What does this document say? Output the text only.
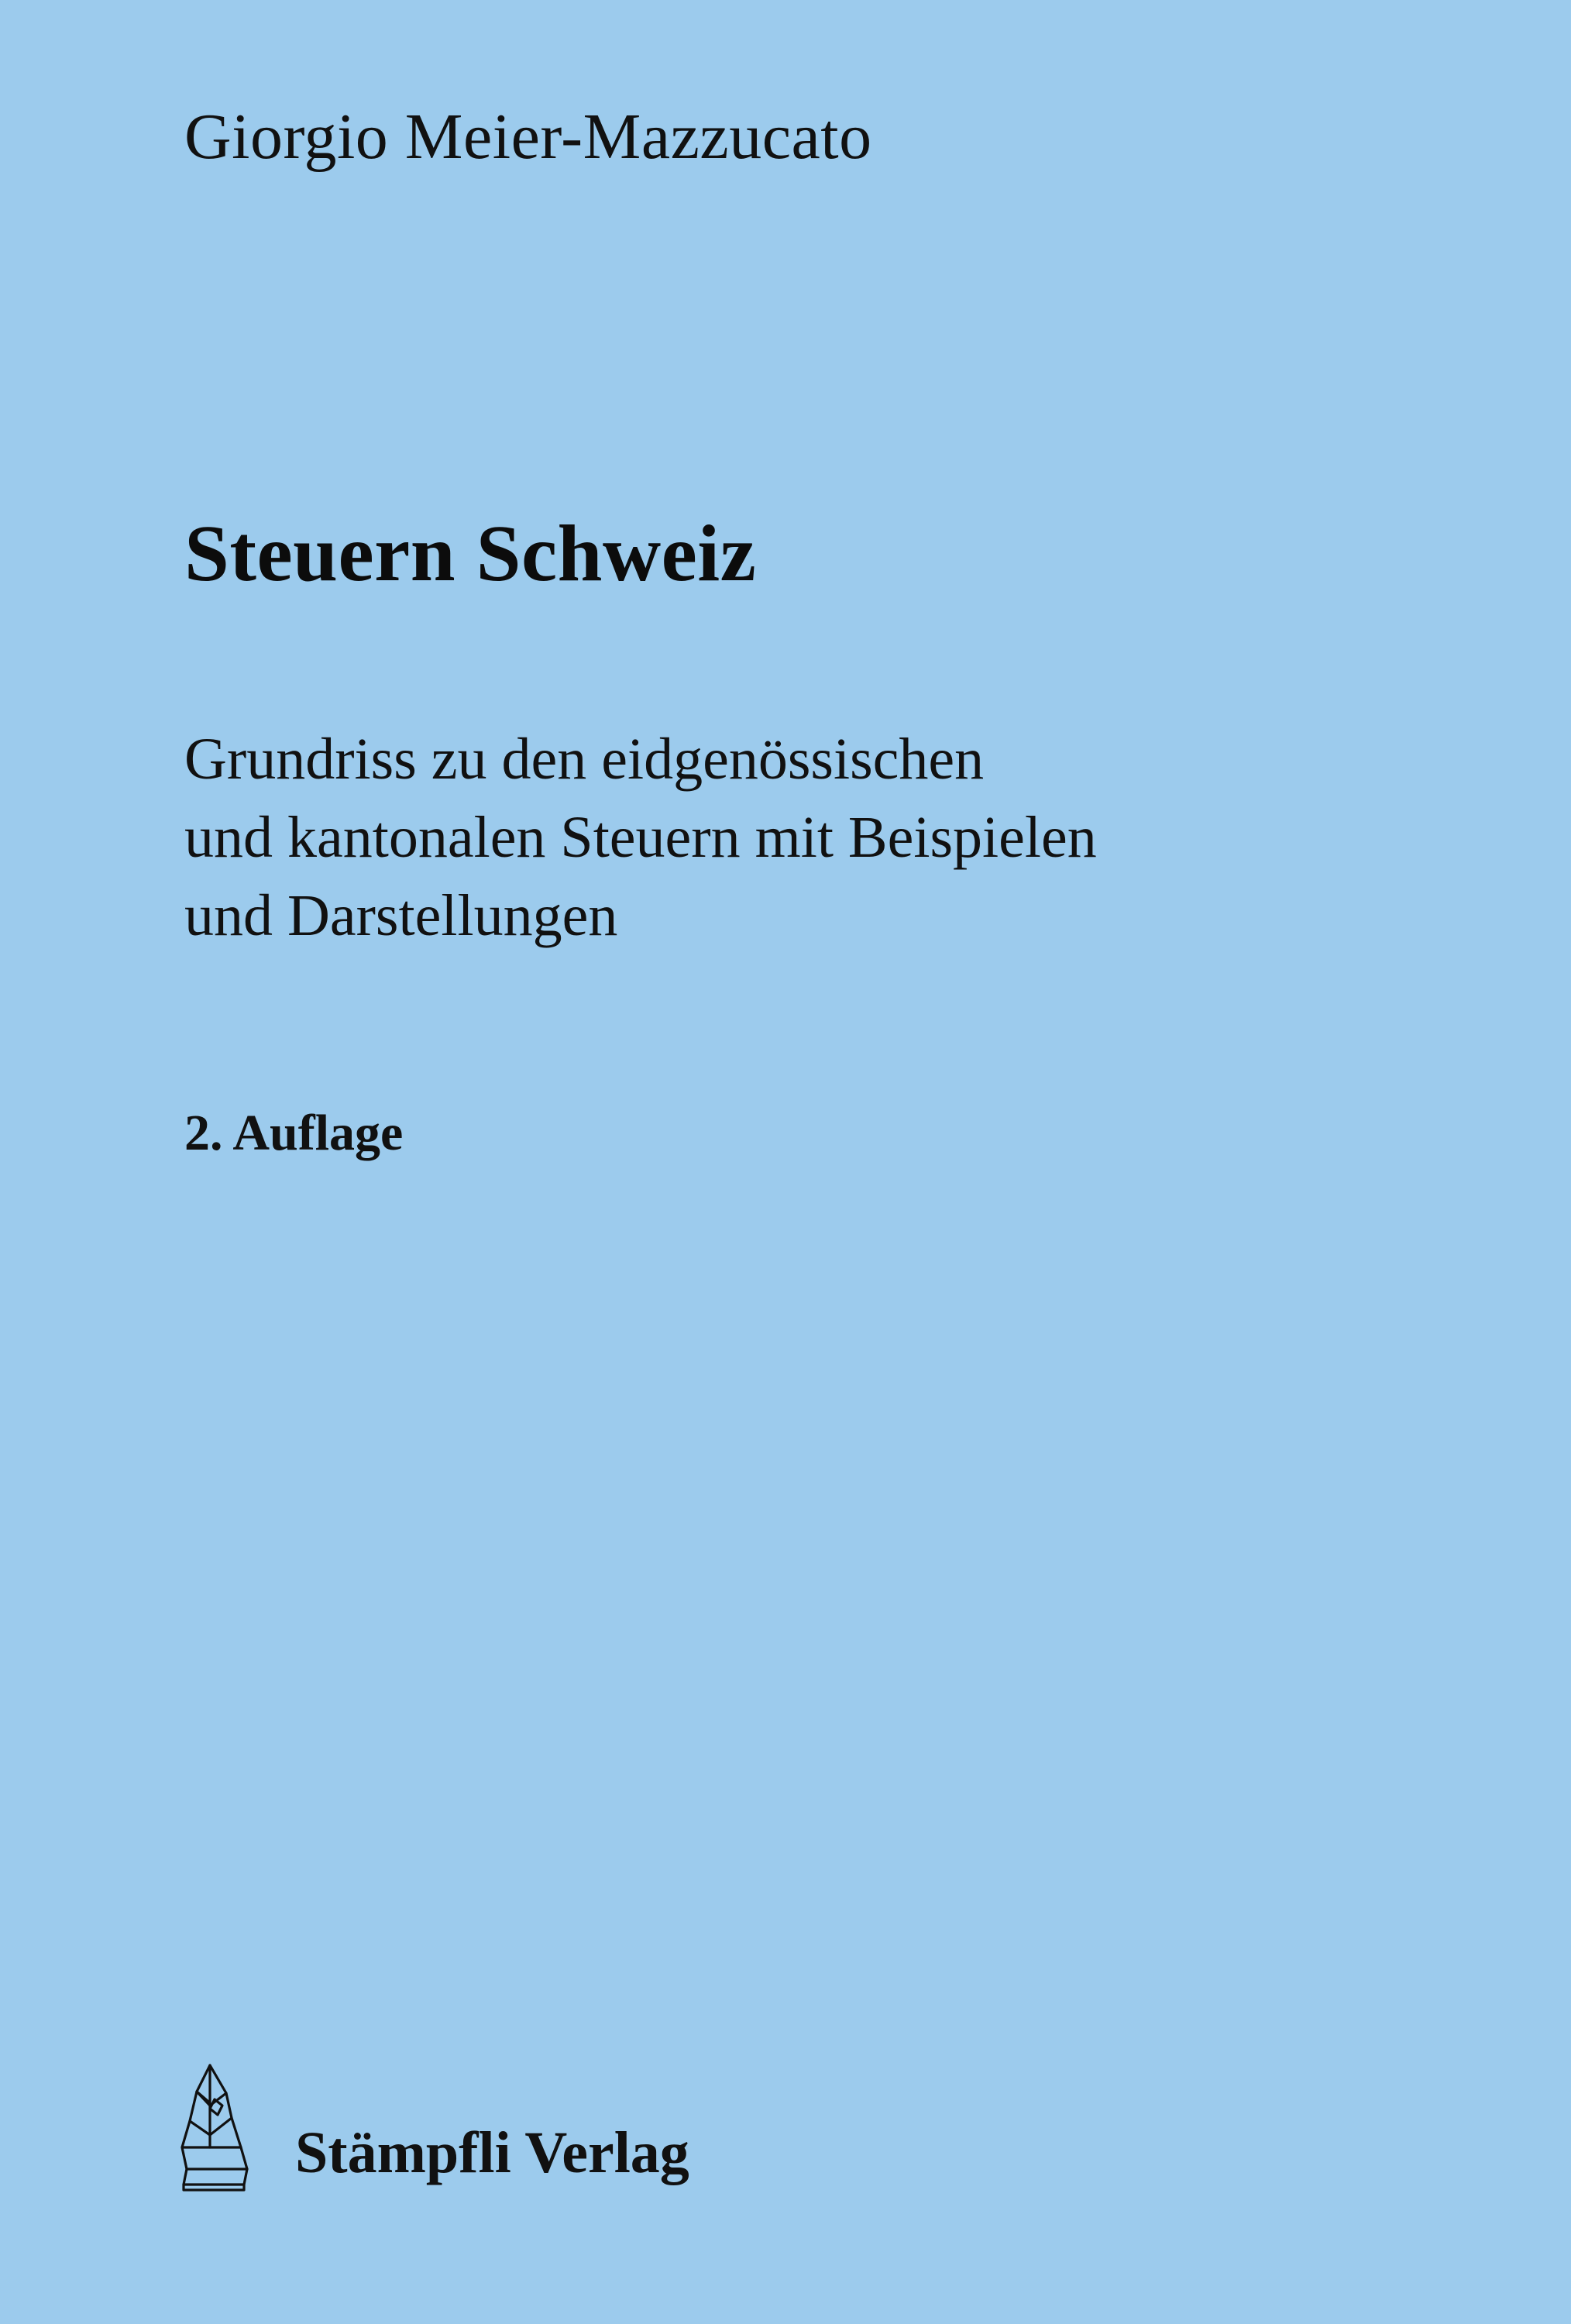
Giorgio Meier-Mazzucato
Steuern Schweiz
Grundriss zu den eidgenössischen
und kantonalen Steuern mit Beispielen
und Darstellungen
2. Auflage
Stämpfli Verlag
